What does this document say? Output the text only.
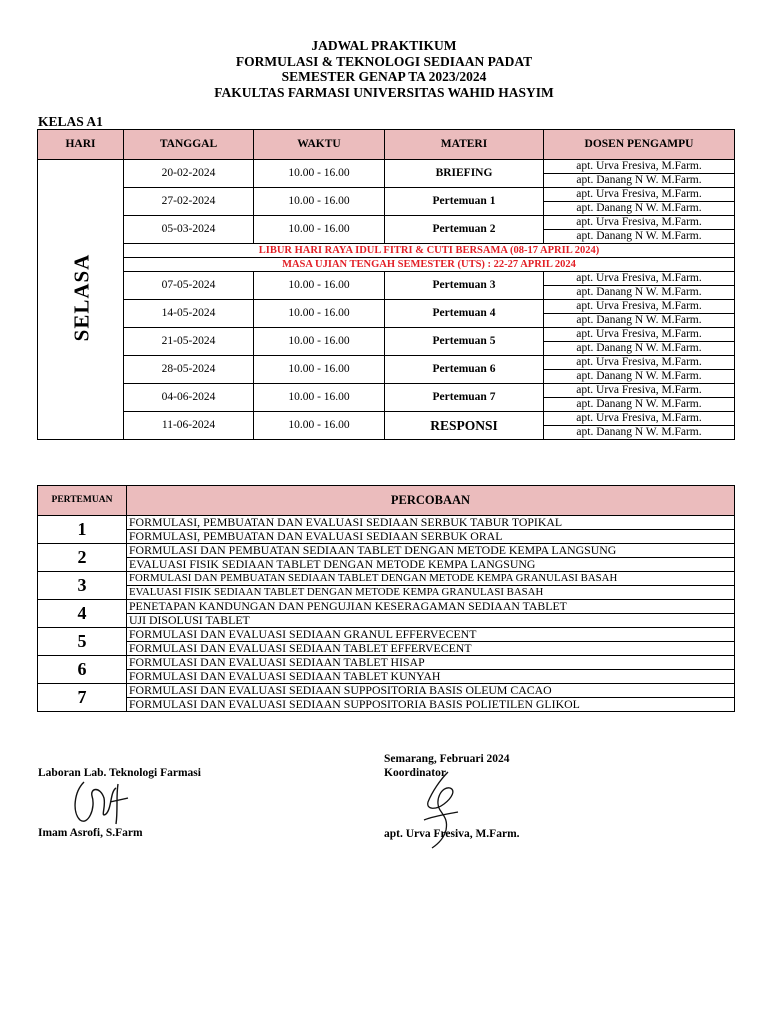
JADWAL PRAKTIKUM
FORMULASI & TEKNOLOGI SEDIAAN PADAT
SEMESTER GENAP TA 2023/2024
FAKULTAS FARMASI UNIVERSITAS WAHID HASYIM
KELAS A1
HARI	TANGGAL	WAKTU	MATERI	DOSEN PENGAMPU
SELASA	20-02-2024	10.00 - 16.00	BRIEFING	apt. Urva Fresiva, M.Farm.
				apt. Danang N W. M.Farm.
	27-02-2024	10.00 - 16.00	Pertemuan 1	apt. Urva Fresiva, M.Farm.
				apt. Danang N W. M.Farm.
	05-03-2024	10.00 - 16.00	Pertemuan 2	apt. Urva Fresiva, M.Farm.
				apt. Danang N W. M.Farm.
	LIBUR HARI RAYA IDUL FITRI & CUTI BERSAMA (08-17 APRIL 2024)			
	MASA UJIAN TENGAH SEMESTER (UTS) : 22-27 APRIL 2024			
	07-05-2024	10.00 - 16.00	Pertemuan 3	apt. Urva Fresiva, M.Farm.
				apt. Danang N W. M.Farm.
	14-05-2024	10.00 - 16.00	Pertemuan 4	apt. Urva Fresiva, M.Farm.
				apt. Danang N W. M.Farm.
	21-05-2024	10.00 - 16.00	Pertemuan 5	apt. Urva Fresiva, M.Farm.
				apt. Danang N W. M.Farm.
	28-05-2024	10.00 - 16.00	Pertemuan 6	apt. Urva Fresiva, M.Farm.
				apt. Danang N W. M.Farm.
	04-06-2024	10.00 - 16.00	Pertemuan 7	apt. Urva Fresiva, M.Farm.
				apt. Danang N W. M.Farm.
	11-06-2024	10.00 - 16.00	RESPONSI	apt. Urva Fresiva, M.Farm.
				apt. Danang N W. M.Farm.
PERTEMUAN	PERCOBAAN
1	FORMULASI, PEMBUATAN DAN EVALUASI SEDIAAN SERBUK TABUR TOPIKAL
	FORMULASI, PEMBUATAN DAN EVALUASI SEDIAAN SERBUK ORAL
2	FORMULASI DAN PEMBUATAN SEDIAAN TABLET DENGAN METODE KEMPA LANGSUNG
	EVALUASI FISIK SEDIAAN TABLET DENGAN METODE KEMPA LANGSUNG
3	FORMULASI DAN PEMBUATAN SEDIAAN TABLET DENGAN METODE KEMPA GRANULASI BASAH
	EVALUASI FISIK SEDIAAN TABLET DENGAN METODE KEMPA GRANULASI BASAH
4	PENETAPAN KANDUNGAN DAN PENGUJIAN KESERAGAMAN SEDIAAN TABLET
	UJI DISOLUSI TABLET
5	FORMULASI DAN EVALUASI SEDIAAN GRANUL EFFERVECENT
	FORMULASI DAN EVALUASI SEDIAAN TABLET EFFERVECENT
6	FORMULASI DAN EVALUASI SEDIAAN TABLET HISAP
	FORMULASI DAN EVALUASI SEDIAAN TABLET KUNYAH
7	FORMULASI DAN EVALUASI SEDIAAN SUPPOSITORIA BASIS OLEUM CACAO
	FORMULASI DAN EVALUASI SEDIAAN SUPPOSITORIA BASIS POLIETILEN GLIKOL
Laboran Lab. Teknologi Farmasi
Imam Asrofi, S.Farm
Semarang, Februari 2024
Koordinator
apt. Urva Fresiva, M.Farm.
